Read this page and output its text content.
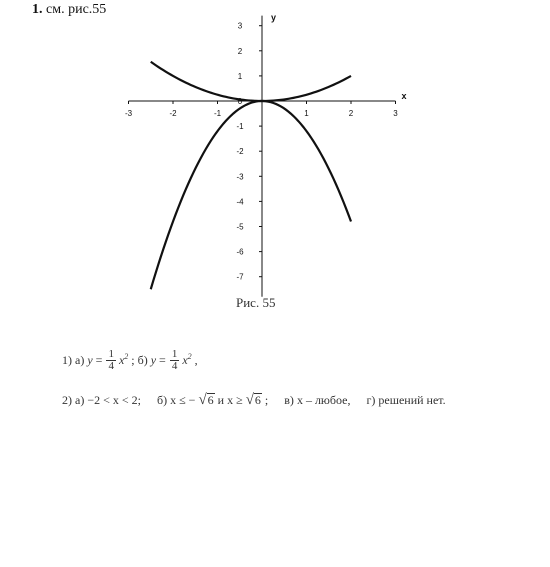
1. см. рис.55
-3	-2	-1	1	2	3
3
2
1
-1
-2
-3
-4
-5
-6
-7
0
x
y
Рис. 55
1) а) $y = \frac{1}{4} x^2$ ; б) $y = \frac{1}{4} x^2$ ,
2) а) −2 < x < 2; б) x ≤ − √ 6 и x ≥ √ 6 ; в) x – любое, г) решений нет.
